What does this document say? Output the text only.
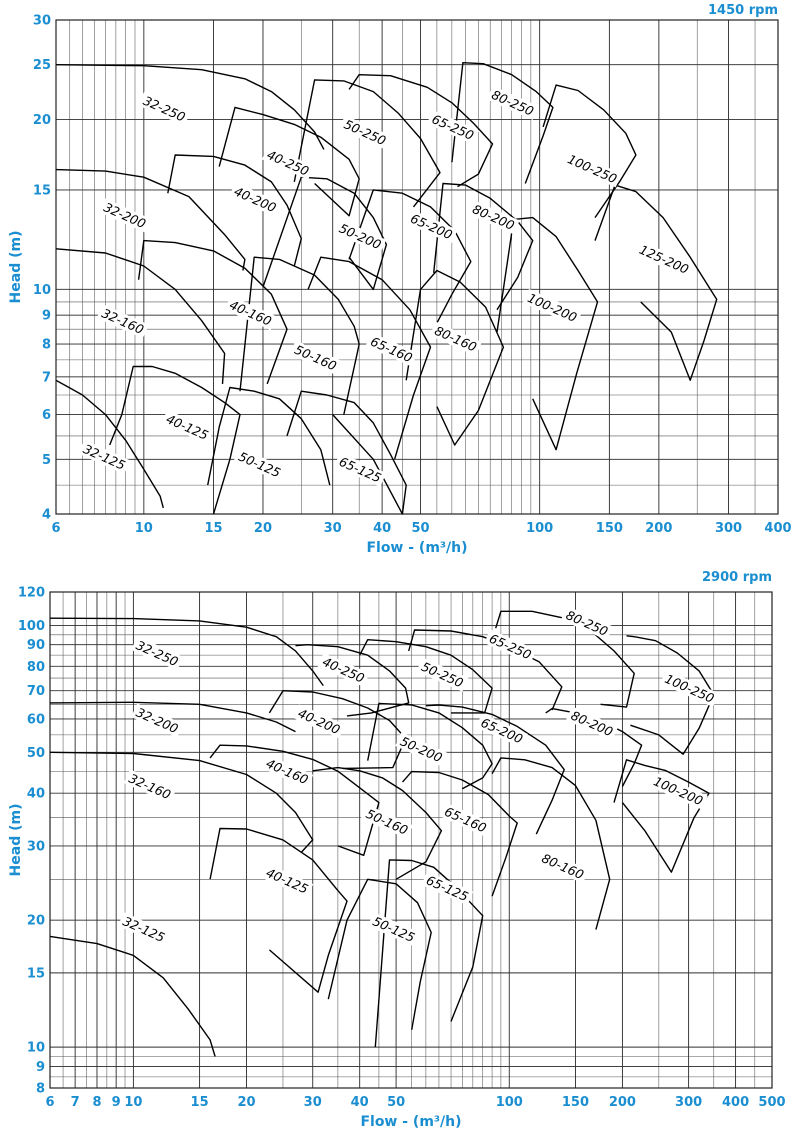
6	10	15 20	30 40 50	100	150 200	300 400
4
5
6
7
8
9
10
15
20
25
30
Flow - (m³/h)
Head (m)
1450 rpm
32-125
40-125
50-125	65-125
32-160	40-160
50-160 65-160 80-160
100-200
32-200
40-200
50-200 65-200 80-200
125-200
32-250
40-250
50-250	65-250
80-250
100-250
6 7 8 9 10	15 20	30 40 50	100	150 200	300 400 500
8
9
10
15
20
30
40
50
60
70
80
90
100
120
Flow - (m³/h)
Head (m)
2900 rpm
32-125
40-125
50-125
65-125
32-160	40-160
50-160	65-160
80-160
100-200
32-200	40-200
50-200
65-200	80-200
32-250
40-250	50-250
65-250
80-250
100-250
